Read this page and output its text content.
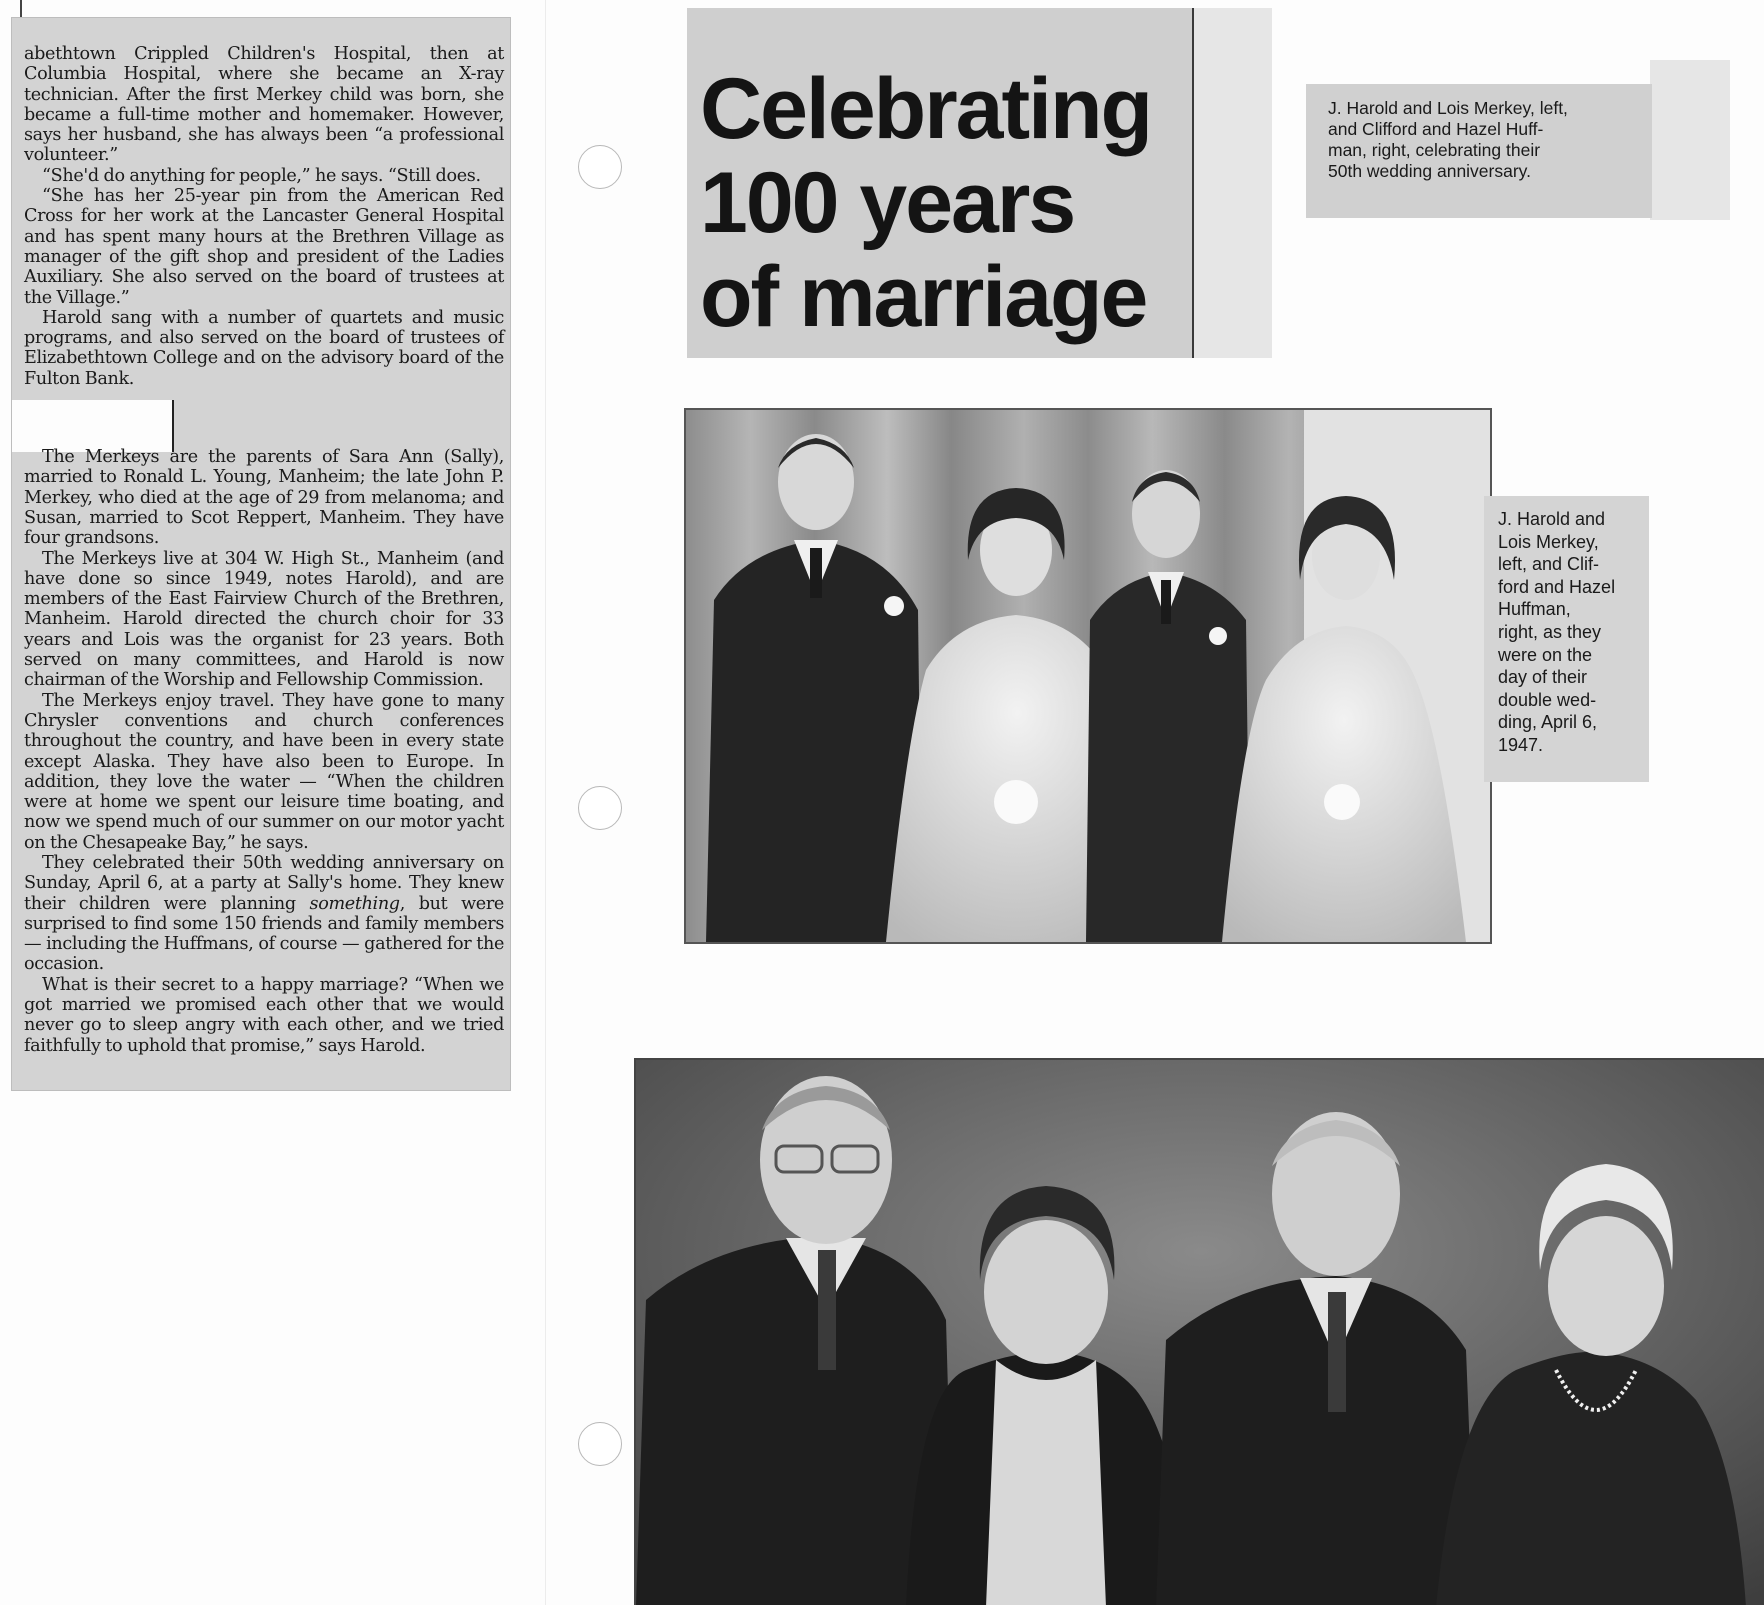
abethtown Crippled Children's Hospital, then at Columbia Hospital, where she became an X-ray technician. After the first Merkey child was born, she became a full-time mother and homemaker. However, says her husband, she has always been “a professional volunteer.”

“She'd do anything for people,” he says. “Still does.

“She has her 25-year pin from the American Red Cross for her work at the Lancaster General Hospital and has spent many hours at the Brethren Village as manager of the gift shop and president of the Ladies Auxiliary. She also served on the board of trustees at the Village.”

Harold sang with a number of quartets and music programs, and also served on the board of trustees of Elizabethtown College and on the advisory board of the Fulton Bank.

The Merkeys are the parents of Sara Ann (Sally), married to Ronald L. Young, Manheim; the late John P. Merkey, who died at the age of 29 from melanoma; and Susan, married to Scot Reppert, Manheim. They have four grandsons.

The Merkeys live at 304 W. High St., Manheim (and have done so since 1949, notes Harold), and are members of the East Fairview Church of the Brethren, Manheim. Harold directed the church choir for 33 years and Lois was the organist for 23 years. Both served on many committees, and Harold is now chairman of the Worship and Fellowship Commission.

The Merkeys enjoy travel. They have gone to many Chrysler conventions and church conferences throughout the country, and have been in every state except Alaska. They have also been to Europe. In addition, they love the water — “When the children were at home we spent our leisure time boating, and now we spend much of our summer on our motor yacht on the Chesapeake Bay,” he says.

They celebrated their 50th wedding anniversary on Sunday, April 6, at a party at Sally's home. They knew their children were planning something, but were surprised to find some 150 friends and family members — including the Huffmans, of course — gathered for the occasion.

What is their secret to a happy marriage? “When we got married we promised each other that we would never go to sleep angry with each other, and we tried faithfully to uphold that promise,” says Harold.

Celebrating
100 years
of marriage
J. Harold and Lois Merkey, left,
and Clifford and Hazel Huff-
man, right, celebrating their
50th wedding anniversary.
J. Harold and
Lois Merkey,
left, and Clif-
ford and Hazel
Huffman,
right, as they
were on the
day of their
double wed-
ding, April 6,
1947.
